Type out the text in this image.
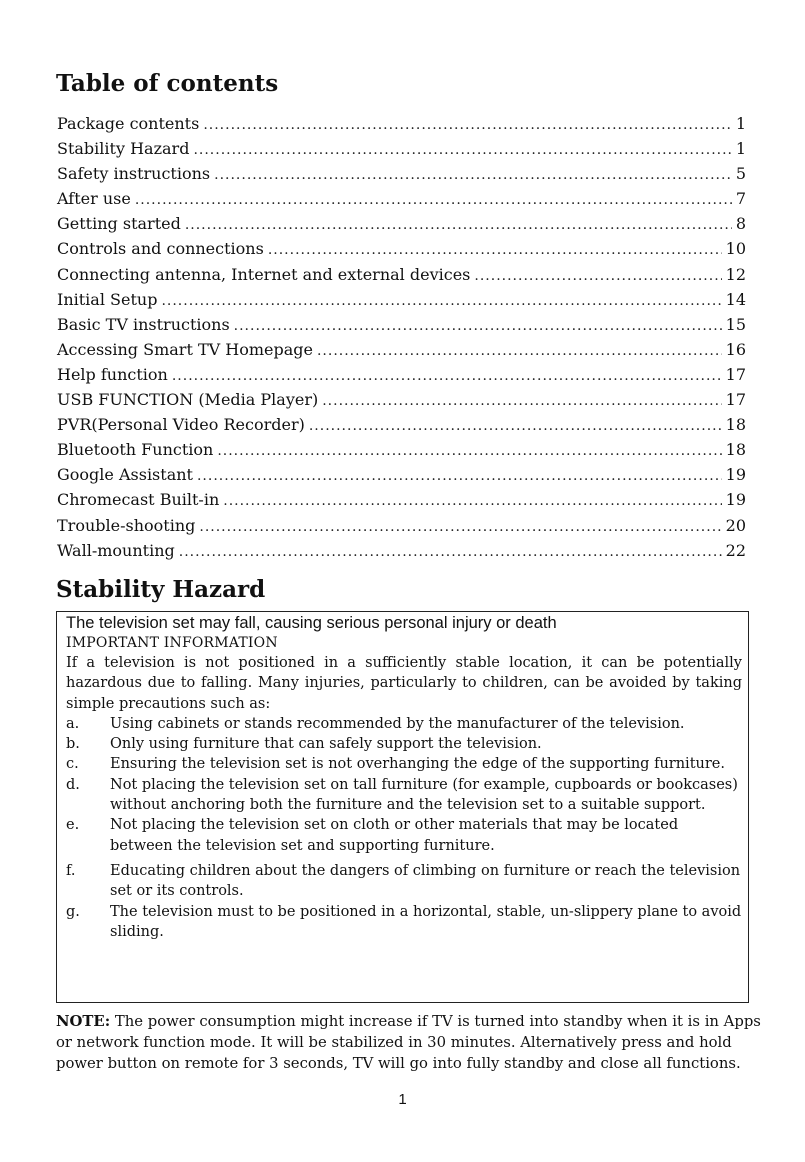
Table of contents
Package contents .....	1
Stability Hazard .....	1
Safety instructions .....	5
After use .....	7
Getting started .....	8
Controls and connections .....	10
Connecting antenna, Internet and external devices .....	12
Initial Setup .....	14
Basic TV instructions .....	15
Accessing Smart TV Homepage .....	16
Help function .....	17
USB FUNCTION (Media Player) .....	17
PVR(Personal Video Recorder) .....	18
Bluetooth Function .....	18
Google Assistant .....	19
Chromecast Built-in .....	19
Trouble-shooting .....	20
Wall-mounting .....	22
Stability Hazard
The television set may fall, causing serious personal injury or death
IMPORTANT INFORMATION

If a television is not positioned in a sufficiently stable location, it can be potentially hazardous due to falling. Many injuries, particularly to children, can be avoided by taking simple precautions such as:

a.	Using cabinets or stands recommended by the manufacturer of the television.
b.	Only using furniture that can safely support the television.
c.	Ensuring the television set is not overhanging the edge of the supporting furniture.
d.	Not placing the television set on tall furniture (for example, cupboards or bookcases) without anchoring both the furniture and the television set to a suitable support.
e.	Not placing the television set on cloth or other materials that may be located between the television set and supporting furniture.
f.	Educating children about the dangers of climbing on furniture or reach the television set or its controls.
g.	The television must to be positioned in a horizontal, stable, un-slippery plane to avoid sliding.

NOTE: The power consumption might increase if TV is turned into standby when it is in Apps or network function mode. It will be stabilized in 30 minutes. Alternatively press and hold power button on remote for 3 seconds, TV will go into fully standby and close all functions.

1
